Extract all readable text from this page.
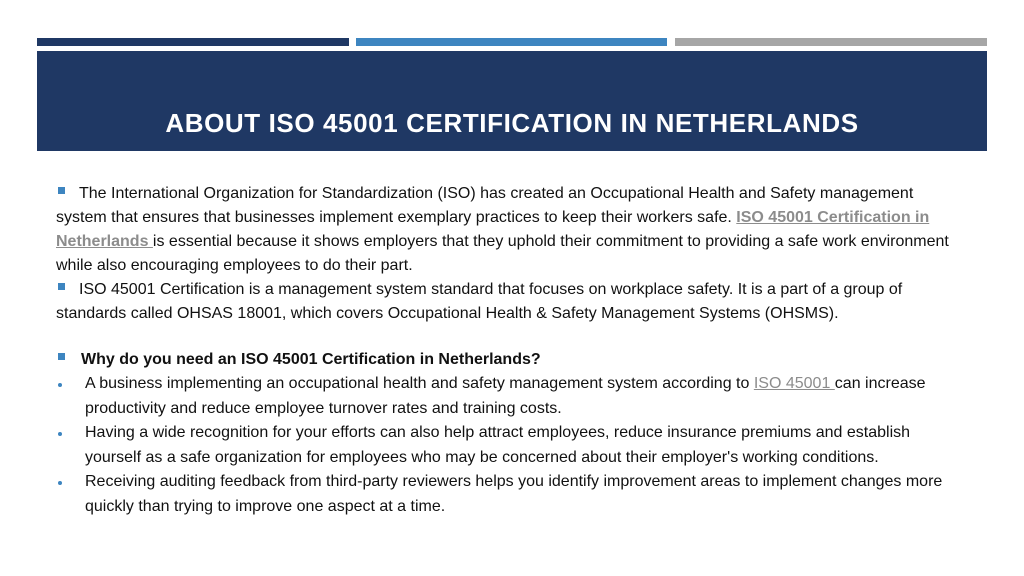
ABOUT ISO 45001 CERTIFICATION IN NETHERLANDS

The International Organization for Standardization (ISO) has created an Occupational Health and Safety management system that ensures that businesses implement exemplary practices to keep their workers safe. ISO 45001 Certification in Netherlands is essential because it shows employers that they uphold their commitment to providing a safe work environment while also encouraging employees to do their part.

ISO 45001 Certification is a management system standard that focuses on workplace safety. It is a part of a group of standards called OHSAS 18001, which covers Occupational Health & Safety Management Systems (OHSMS).

Why do you need an ISO 45001 Certification in Netherlands?

A business implementing an occupational health and safety management system according to ISO 45001 can increase productivity and reduce employee turnover rates and training costs.
Having a wide recognition for your efforts can also help attract employees, reduce insurance premiums and establish yourself as a safe organization for employees who may be concerned about their employer's working conditions.
Receiving auditing feedback from third-party reviewers helps you identify improvement areas to implement changes more quickly than trying to improve one aspect at a time.
